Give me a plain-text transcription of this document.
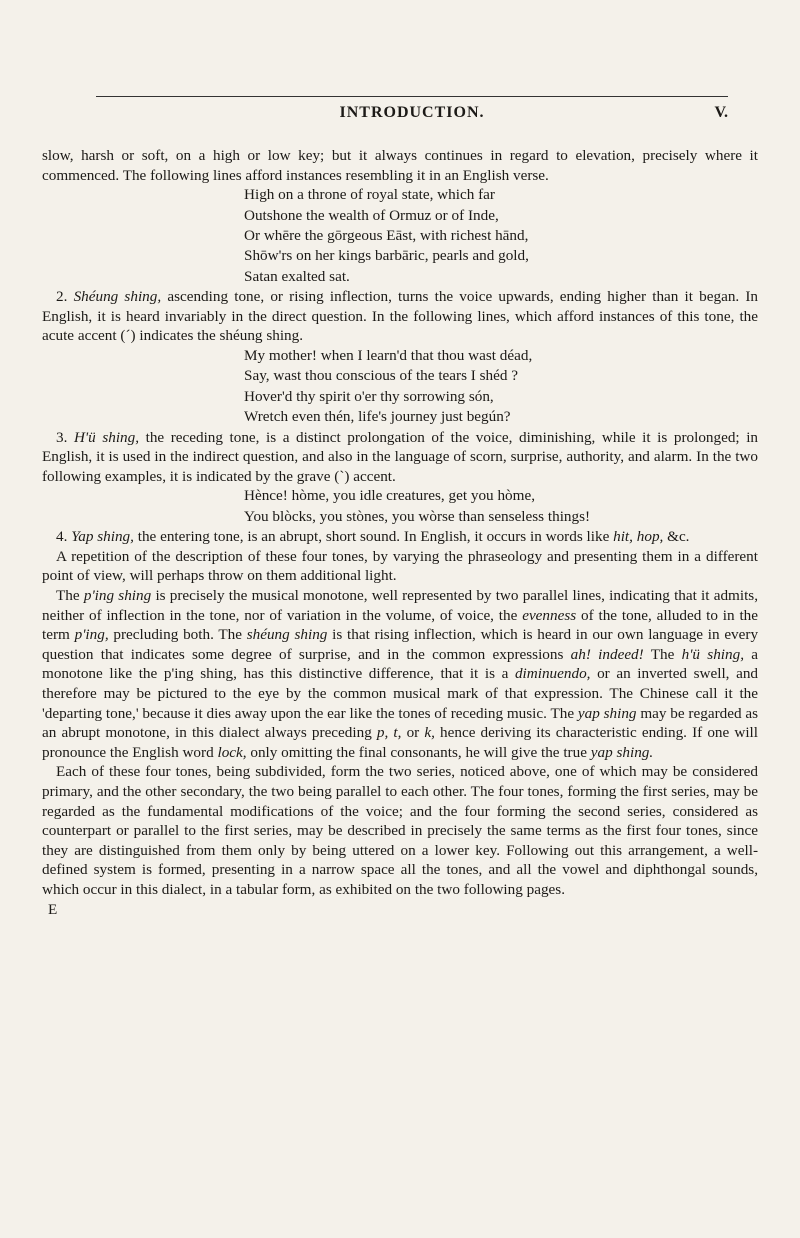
INTRODUCTION.	V.

slow, harsh or soft, on a high or low key; but it always continues in regard to elevation, precisely where it commenced. The following lines afford instances resembling it in an English verse.

High on a throne of royal state, which far
Outshone the wealth of Ormuz or of Inde,
Or whēre the gōrgeous Eāst, with richest hānd,
Shōw'rs on her kings barbāric, pearls and gold,
Satan exalted sat.

2. Shéung shing, ascending tone, or rising inflection, turns the voice upwards, ending higher than it began. In English, it is heard invariably in the direct question. In the following lines, which afford instances of this tone, the acute accent (´) indicates the shéung shing.

My mother! when I learn'd that thou wast déad,
Say, wast thou conscious of the tears I shéd ?
Hover'd thy spirit o'er thy sorrowing són,
Wretch even thén, life's journey just begún?

3. H'ü shing, the receding tone, is a distinct prolongation of the voice, diminishing, while it is prolonged; in English, it is used in the indirect question, and also in the language of scorn, surprise, authority, and alarm. In the two following examples, it is indicated by the grave (`) accent.

Hènce! hòme, you idle creatures, get you hòme,
You blòcks, you stònes, you wòrse than senseless things!

4. Yap shing, the entering tone, is an abrupt, short sound. In English, it occurs in words like hit, hop, &c.

A repetition of the description of these four tones, by varying the phraseology and presenting them in a different point of view, will perhaps throw on them additional light.

The p'ing shing is precisely the musical monotone, well represented by two parallel lines, indicating that it admits, neither of inflection in the tone, nor of variation in the volume, of voice, the evenness of the tone, alluded to in the term p'ing, precluding both. The shéung shing is that rising inflection, which is heard in our own language in every question that indicates some degree of surprise, and in the common expressions ah! indeed! The h'ü shing, a monotone like the p'ing shing, has this distinctive difference, that it is a diminuendo, or an inverted swell, and therefore may be pictured to the eye by the common musical mark of that expression. The Chinese call it the 'departing tone,' because it dies away upon the ear like the tones of receding music. The yap shing may be regarded as an abrupt monotone, in this dialect always preceding p, t, or k, hence deriving its characteristic ending. If one will pronounce the English word lock, only omitting the final consonants, he will give the true yap shing.

Each of these four tones, being subdivided, form the two series, noticed above, one of which may be considered primary, and the other secondary, the two being parallel to each other. The four tones, forming the first series, may be regarded as the fundamental modifications of the voice; and the four forming the second series, considered as counterpart or parallel to the first series, may be described in precisely the same terms as the first four tones, since they are distinguished from them only by being uttered on a lower key. Following out this arrangement, a well-defined system is formed, presenting in a narrow space all the tones, and all the vowel and diphthongal sounds, which occur in this dialect, in a tabular form, as exhibited on the two following pages.

E
